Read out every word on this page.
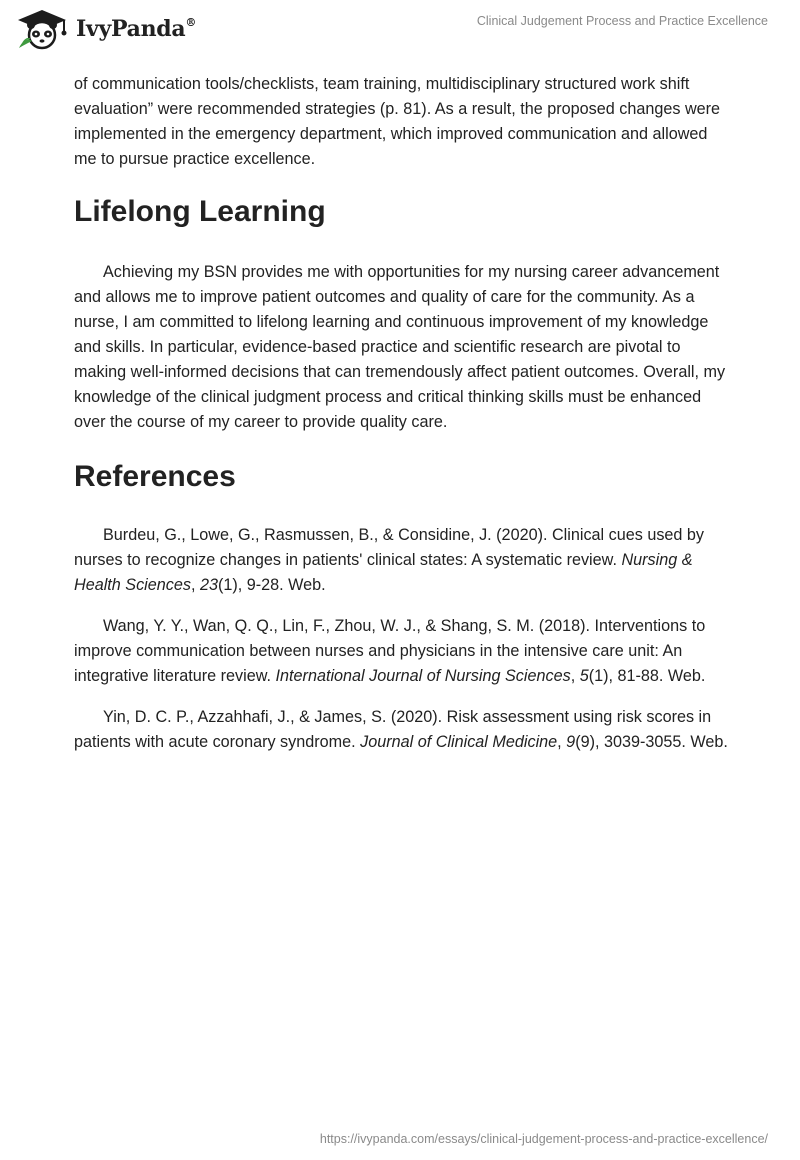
IvyPanda®	Clinical Judgement Process and Practice Excellence

of communication tools/checklists, team training, multidisciplinary structured work shift evaluation” were recommended strategies (p. 81). As a result, the proposed changes were implemented in the emergency department, which improved communication and allowed me to pursue practice excellence.

Lifelong Learning

Achieving my BSN provides me with opportunities for my nursing career advancement and allows me to improve patient outcomes and quality of care for the community. As a nurse, I am committed to lifelong learning and continuous improvement of my knowledge and skills. In particular, evidence-based practice and scientific research are pivotal to making well-informed decisions that can tremendously affect patient outcomes. Overall, my knowledge of the clinical judgment process and critical thinking skills must be enhanced over the course of my career to provide quality care.

References

Burdeu, G., Lowe, G., Rasmussen, B., & Considine, J. (2020). Clinical cues used by nurses to recognize changes in patients' clinical states: A systematic review. Nursing & Health Sciences, 23(1), 9-28. Web.

Wang, Y. Y., Wan, Q. Q., Lin, F., Zhou, W. J., & Shang, S. M. (2018). Interventions to improve communication between nurses and physicians in the intensive care unit: An integrative literature review. International Journal of Nursing Sciences, 5(1), 81-88. Web.

Yin, D. C. P., Azzahhafi, J., & James, S. (2020). Risk assessment using risk scores in patients with acute coronary syndrome. Journal of Clinical Medicine, 9(9), 3039-3055. Web.

https://ivypanda.com/essays/clinical-judgement-process-and-practice-excellence/
